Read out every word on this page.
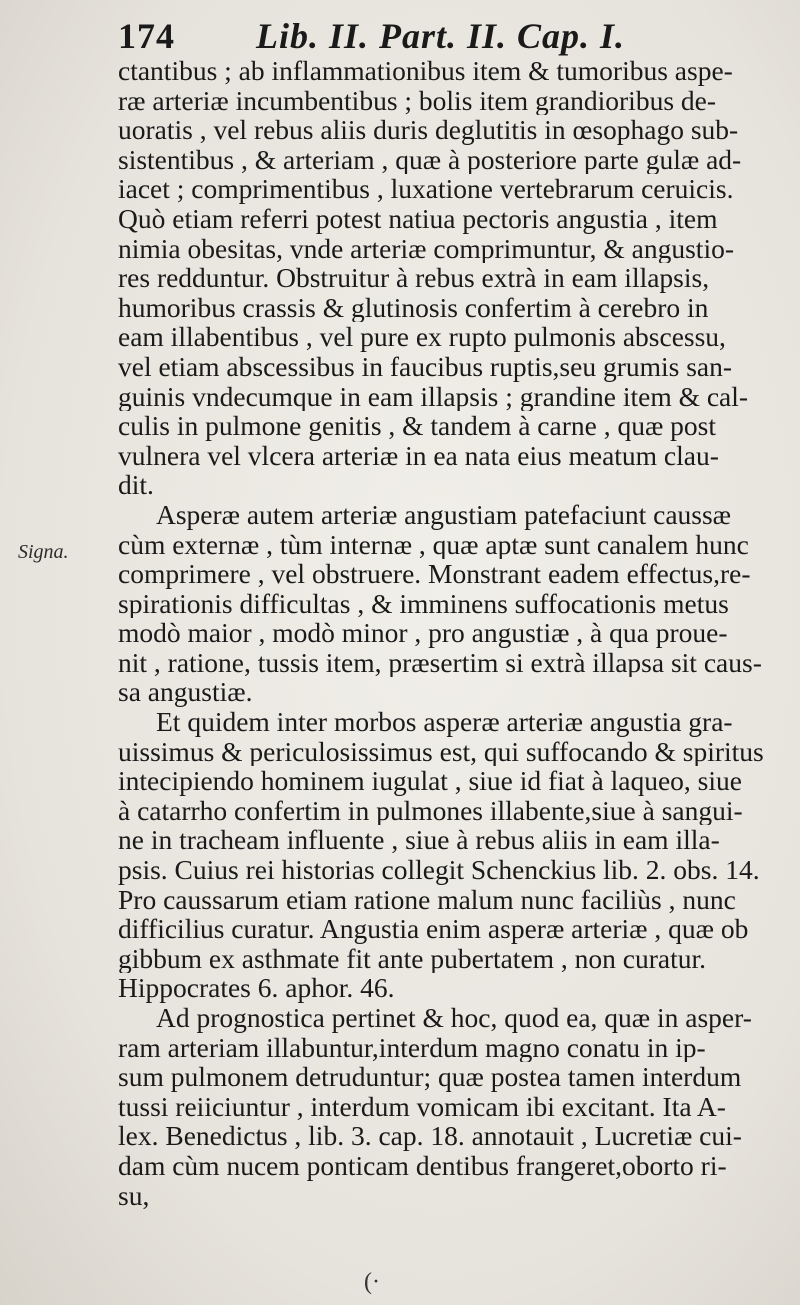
174 Lib. II. Part. II. Cap. I.
Signa.
ctantibus ; ab inflammationibus item & tumoribus aspe-
ræ arteriæ incumbentibus ; bolis item grandioribus de-
uoratis , vel rebus aliis duris deglutitis in œsophago sub-
sistentibus , & arteriam , quæ à posteriore parte gulæ ad-
iacet ; comprimentibus , luxatione vertebrarum ceruicis.
Quò etiam referri potest natiua pectoris angustia , item
nimia obesitas, vnde arteriæ comprimuntur, & angustio-
res redduntur. Obstruitur à rebus extrà in eam illapsis,
humoribus crassis & glutinosis confertim à cerebro in
eam illabentibus , vel pure ex rupto pulmonis abscessu,
vel etiam abscessibus in faucibus ruptis,seu grumis san-
guinis vndecumque in eam illapsis ; grandine item & cal-
culis in pulmone genitis , & tandem à carne , quæ post
vulnera vel vlcera arteriæ in ea nata eius meatum clau-
dit.
Asperæ autem arteriæ angustiam patefaciunt caussæ
cùm externæ , tùm internæ , quæ aptæ sunt canalem hunc
comprimere , vel obstruere. Monstrant eadem effectus,re-
spirationis difficultas , & imminens suffocationis metus
modò maior , modò minor , pro angustiæ , à qua proue-
nit , ratione, tussis item, præsertim si extrà illapsa sit caus-
sa angustiæ.
Et quidem inter morbos asperæ arteriæ angustia gra-
uissimus & periculosissimus est, qui suffocando & spiritus
intecipiendo hominem iugulat , siue id fiat à laqueo, siue
à catarrho confertim in pulmones illabente,siue à sangui-
ne in tracheam influente , siue à rebus aliis in eam illa-
psis. Cuius rei historias collegit Schenckius lib. 2. obs. 14.
Pro caussarum etiam ratione malum nunc faciliùs , nunc
difficilius curatur. Angustia enim asperæ arteriæ , quæ ob
gibbum ex asthmate fit ante pubertatem , non curatur.
Hippocrates 6. aphor. 46.
Ad prognostica pertinet & hoc, quod ea, quæ in asper-
ram arteriam illabuntur,interdum magno conatu in ip-
sum pulmonem detruduntur; quæ postea tamen interdum
tussi reiiciuntur , interdum vomicam ibi excitant. Ita A-
lex. Benedictus , lib. 3. cap. 18. annotauit , Lucretiæ cui-
dam cùm nucem ponticam dentibus frangeret,oborto ri-
su,
(·
